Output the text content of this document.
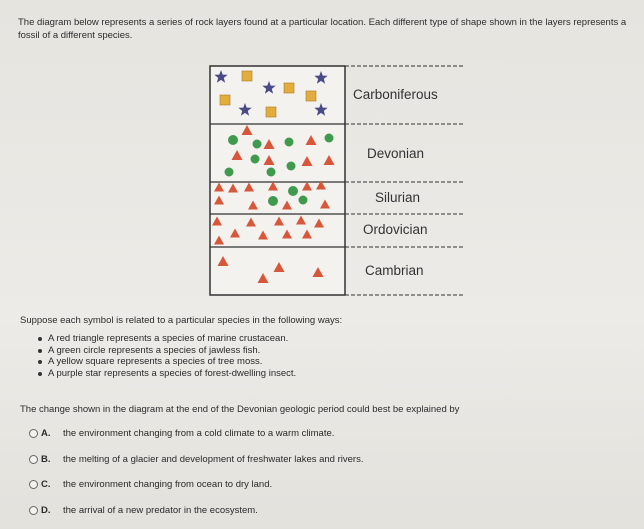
The diagram below represents a series of rock layers found at a particular location. Each different type of shape shown in the layers represents a fossil of a different species.
Carboniferous
Devonian
Silurian
Ordovician
Cambrian
Suppose each symbol is related to a particular species in the following ways:
A red triangle represents a species of marine crustacean.
A green circle represents a species of jawless fish.
A yellow square represents a species of tree moss.
A purple star represents a species of forest-dwelling insect.
The change shown in the diagram at the end of the Devonian geologic period could best be explained by
A.	the environment changing from a cold climate to a warm climate.
B.	the melting of a glacier and development of freshwater lakes and rivers.
C.	the environment changing from ocean to dry land.
D.	the arrival of a new predator in the ecosystem.
